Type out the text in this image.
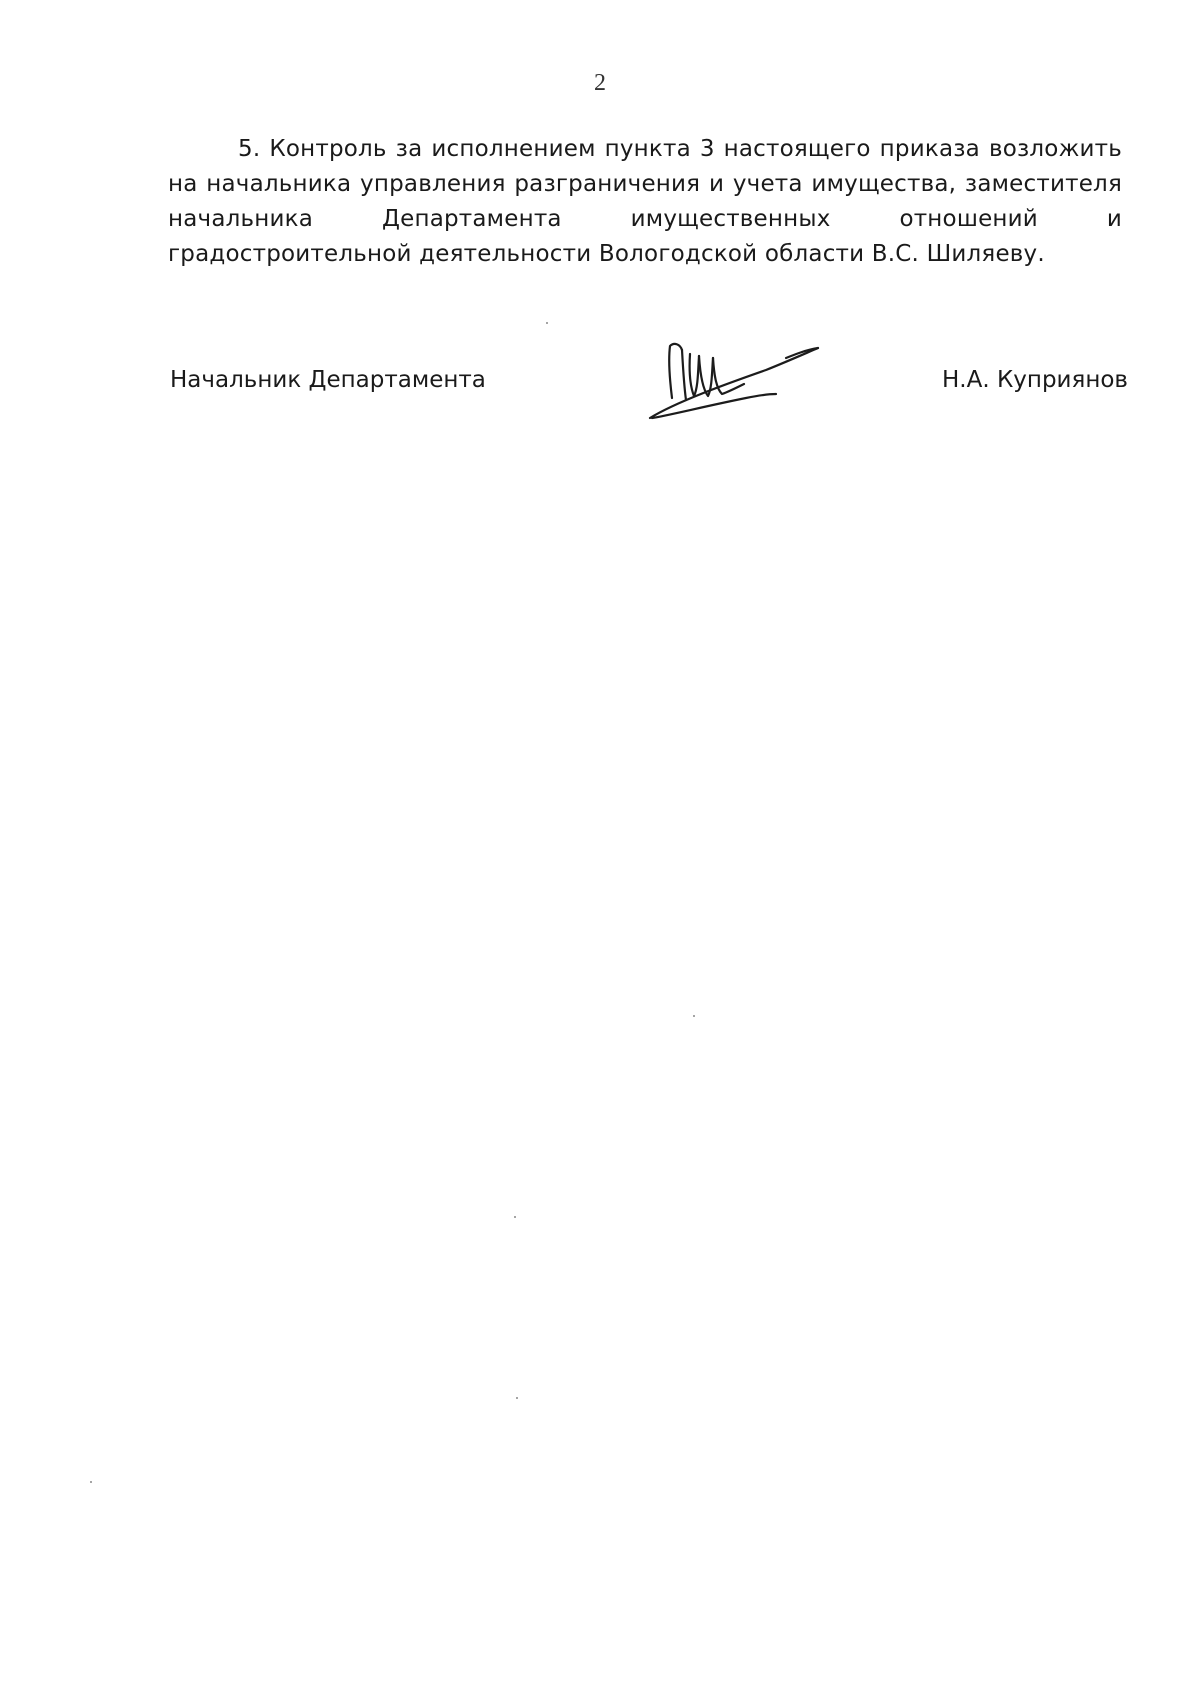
2

5. Контроль за исполнением пункта 3 настоящего приказа возложить на начальника управления разграничения и учета имущества, заместителя начальника Департамента имущественных отношений и градостроительной деятельности Вологодской области В.С. Шиляеву.

Начальник Департамента	Н.А. Куприянов
